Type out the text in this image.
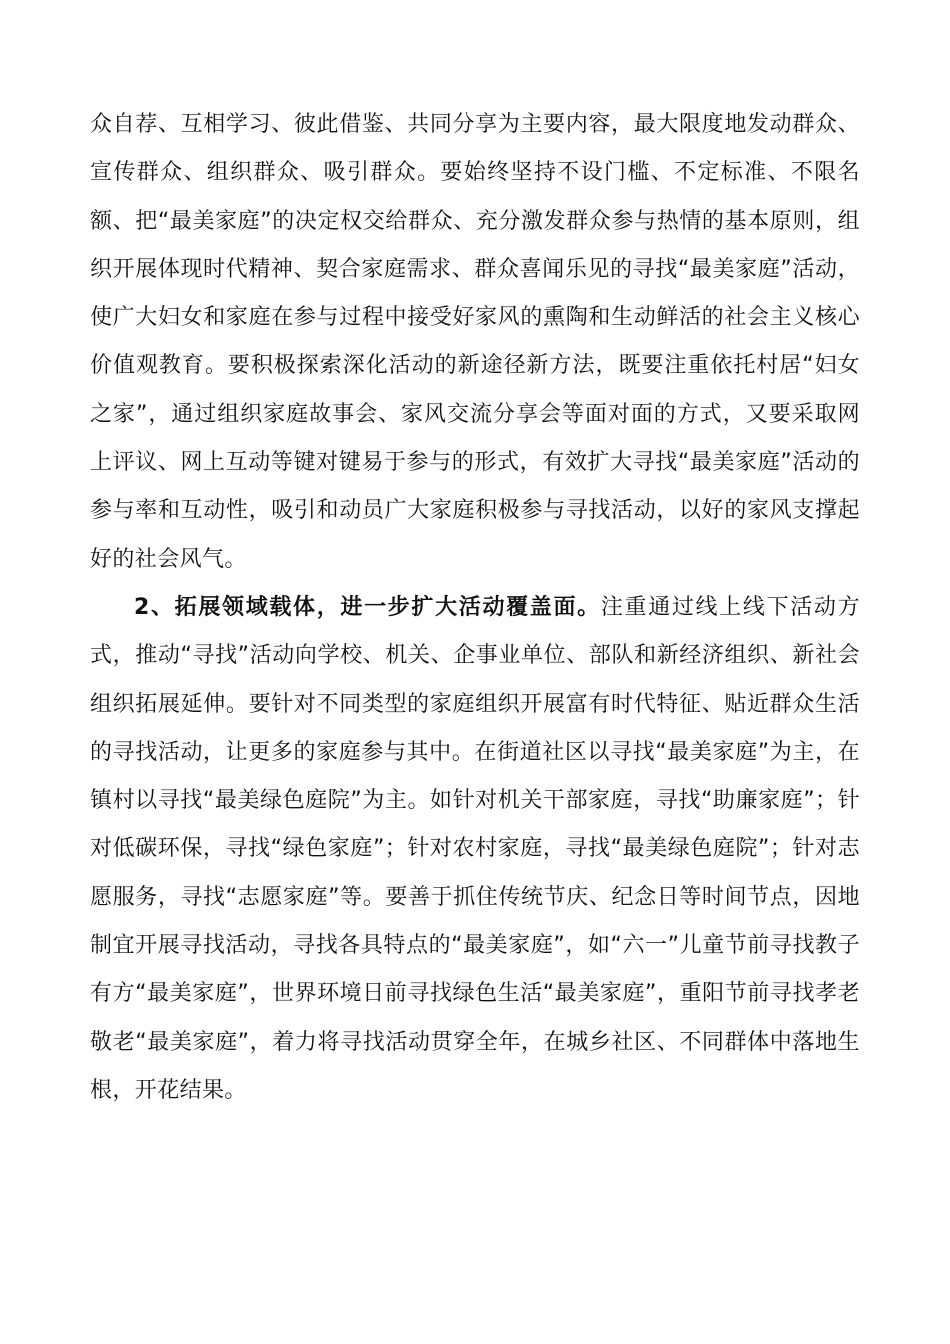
众自荐、互相学习、彼此借鉴、共同分享为主要内容，最大限度地发动群众、宣传群众、组织群众、吸引群众。要始终坚持不设门槛、不定标准、不限名额、把“最美家庭”的决定权交给群众、充分激发群众参与热情的基本原则，组织开展体现时代精神、契合家庭需求、群众喜闻乐见的寻找“最美家庭”活动，使广大妇女和家庭在参与过程中接受好家风的熏陶和生动鲜活的社会主义核心价值观教育。要积极探索深化活动的新途径新方法，既要注重依托村居“妇女之家”，通过组织家庭故事会、家风交流分享会等面对面的方式，又要采取网上评议、网上互动等键对键易于参与的形式，有效扩大寻找“最美家庭”活动的参与率和互动性，吸引和动员广大家庭积极参与寻找活动，以好的家风支撑起好的社会风气。

2、拓展领域载体，进一步扩大活动覆盖面。注重通过线上线下活动方式，推动“寻找”活动向学校、机关、企事业单位、部队和新经济组织、新社会组织拓展延伸。要针对不同类型的家庭组织开展富有时代特征、贴近群众生活的寻找活动，让更多的家庭参与其中。在街道社区以寻找“最美家庭”为主，在镇村以寻找“最美绿色庭院”为主。如针对机关干部家庭，寻找“助廉家庭”；针对低碳环保，寻找“绿色家庭”；针对农村家庭，寻找“最美绿色庭院”；针对志愿服务，寻找“志愿家庭”等。要善于抓住传统节庆、纪念日等时间节点，因地制宜开展寻找活动，寻找各具特点的“最美家庭”，如“六一”儿童节前寻找教子有方“最美家庭”，世界环境日前寻找绿色生活“最美家庭”，重阳节前寻找孝老敬老“最美家庭”，着力将寻找活动贯穿全年，在城乡社区、不同群体中落地生根，开花结果。
